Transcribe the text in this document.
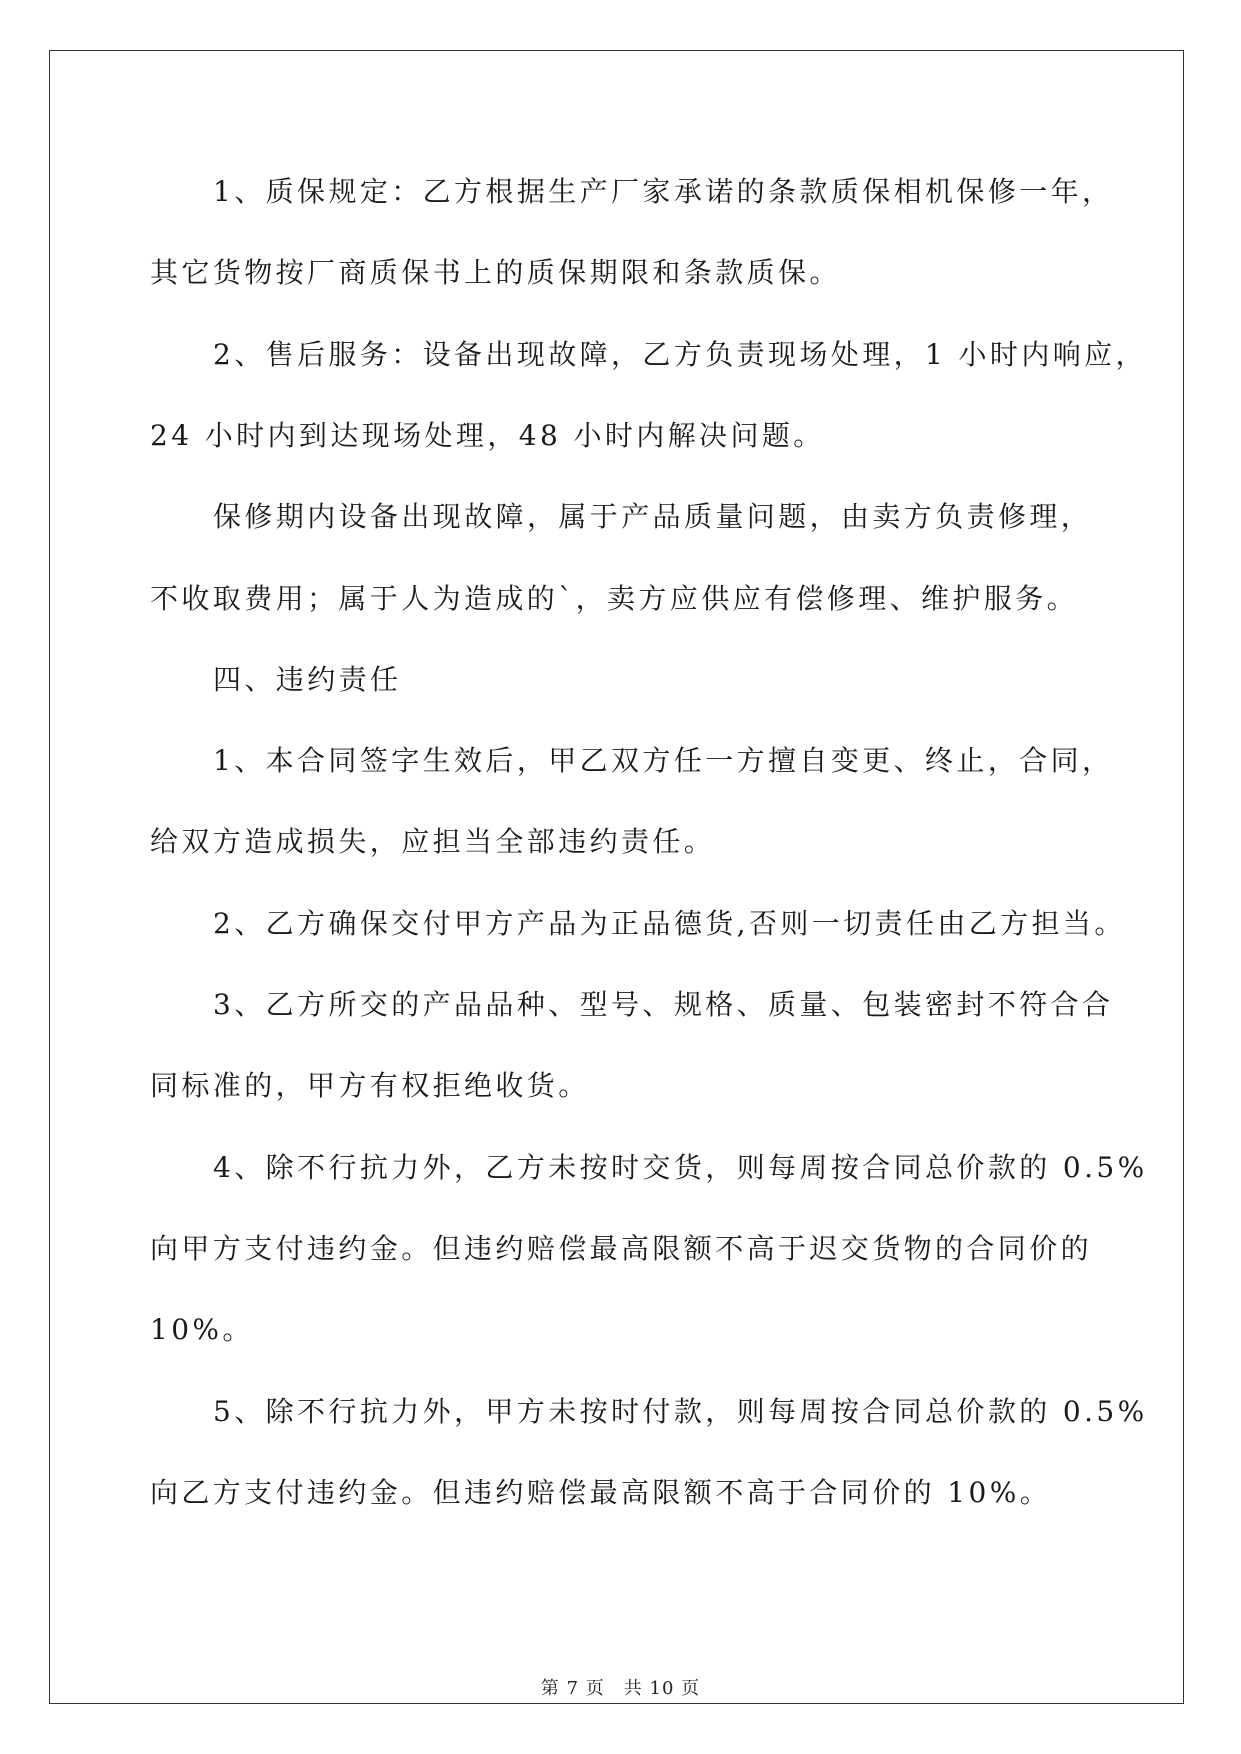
1、质保规定：乙方根据生产厂家承诺的条款质保相机保修一年，
其它货物按厂商质保书上的质保期限和条款质保。
2、售后服务：设备出现故障，乙方负责现场处理，1 小时内响应，
24 小时内到达现场处理，48 小时内解决问题。
保修期内设备出现故障，属于产品质量问题，由卖方负责修理，
不收取费用；属于人为造成的`，卖方应供应有偿修理、维护服务。
四、违约责任
1、本合同签字生效后，甲乙双方任一方擅自变更、终止，合同，
给双方造成损失，应担当全部违约责任。
2、乙方确保交付甲方产品为正品德货,否则一切责任由乙方担当。
3、乙方所交的产品品种、型号、规格、质量、包装密封不符合合
同标准的，甲方有权拒绝收货。
4、除不行抗力外，乙方未按时交货，则每周按合同总价款的 0.5%
向甲方支付违约金。但违约赔偿最高限额不高于迟交货物的合同价的
10%。
5、除不行抗力外，甲方未按时付款，则每周按合同总价款的 0.5%
向乙方支付违约金。但违约赔偿最高限额不高于合同价的 10%。
第 7 页　共 10 页
